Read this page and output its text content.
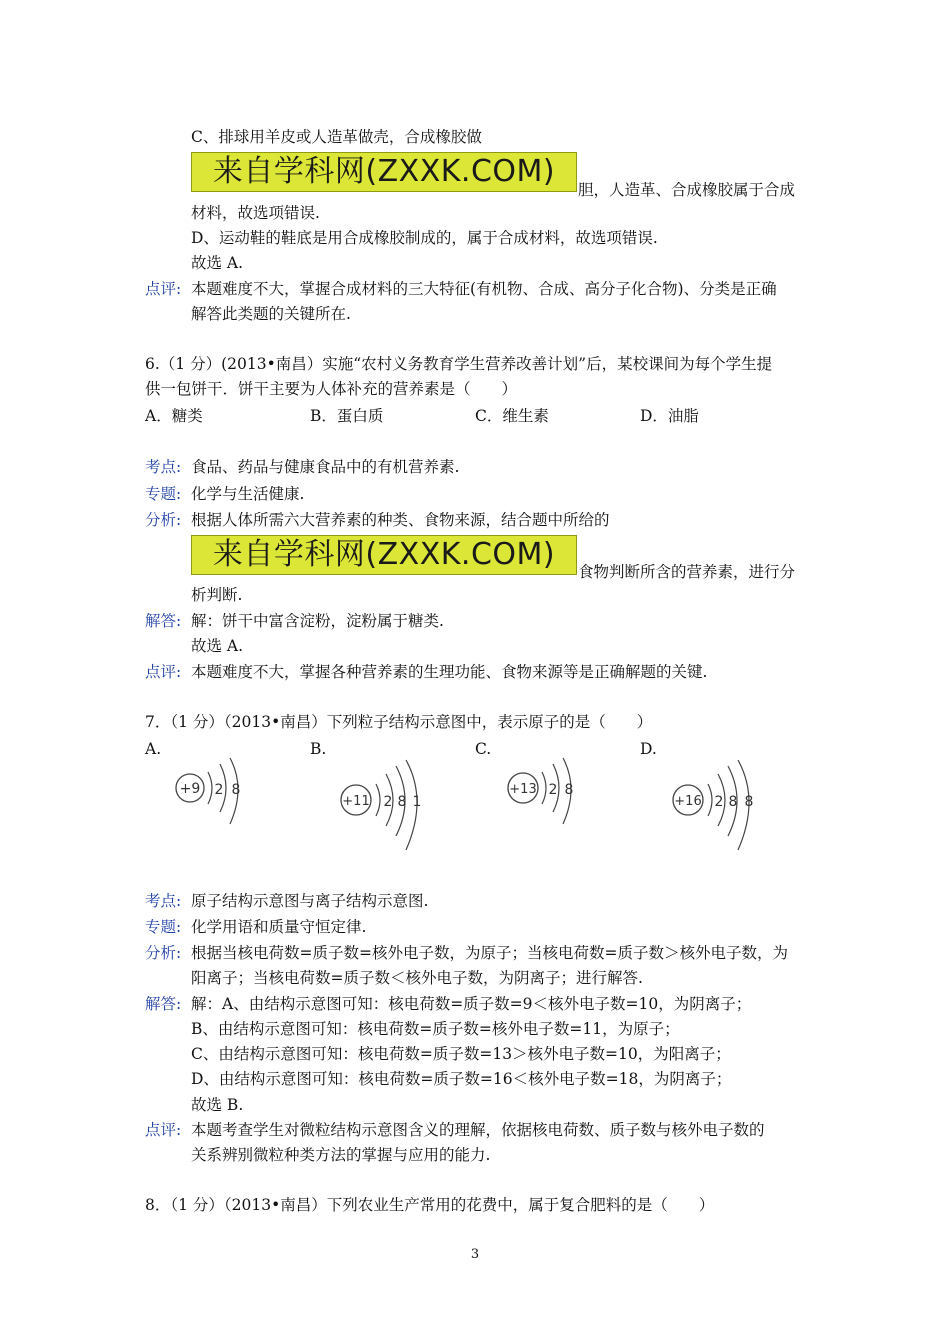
C、排球用羊皮或人造革做壳，合成橡胶做
来自学科网(ZXXK.COM)
胆，人造革、合成橡胶属于合成
材料，故选项错误.
D、运动鞋的鞋底是用合成橡胶制成的，属于合成材料，故选项错误.
故选 A.
点评: 本题难度不大，掌握合成材料的三大特征(有机物、合成、高分子化合物)、分类是正确
解答此类题的关键所在.
6.（1 分）(2013•南昌）实施“农村义务教育学生营养改善计划”后，某校课间为每个学生提
供一包饼干．饼干主要为人体补充的营养素是（　　）
A．糖类	B．蛋白质	C．维生素	D．油脂
考点: 食品、药品与健康食品中的有机营养素.
专题: 化学与生活健康.
分析: 根据人体所需六大营养素的种类、食物来源，结合题中所给的
来自学科网(ZXXK.COM)	食物判断所含的营养素，进行分
析判断.
解答: 解：饼干中富含淀粉，淀粉属于糖类.
故选 A.
点评: 本题难度不大，掌握各种营养素的生理功能、食物来源等是正确解题的关键.
7．（1 分）（2013•南昌）下列粒子结构示意图中，表示原子的是（　　）
A.	B.	C.	D.
+9 2 8
+11 2 8 1
+13 2 8
+16 2 8 8
考点: 原子结构示意图与离子结构示意图.
专题: 化学用语和质量守恒定律.
分析: 根据当核电荷数=质子数=核外电子数，为原子；当核电荷数=质子数＞核外电子数，为
阳离子；当核电荷数=质子数＜核外电子数，为阴离子；进行解答.
解答: 解：A、由结构示意图可知：核电荷数=质子数=9＜核外电子数=10，为阴离子；
B、由结构示意图可知：核电荷数=质子数=核外电子数=11，为原子；
C、由结构示意图可知：核电荷数=质子数=13＞核外电子数=10，为阳离子；
D、由结构示意图可知：核电荷数=质子数=16＜核外电子数=18，为阴离子；
故选 B.
点评: 本题考查学生对微粒结构示意图含义的理解，依据核电荷数、质子数与核外电子数的
关系辨别微粒种类方法的掌握与应用的能力.
8．（1 分）（2013•南昌）下列农业生产常用的花费中，属于复合肥料的是（　　）
3
